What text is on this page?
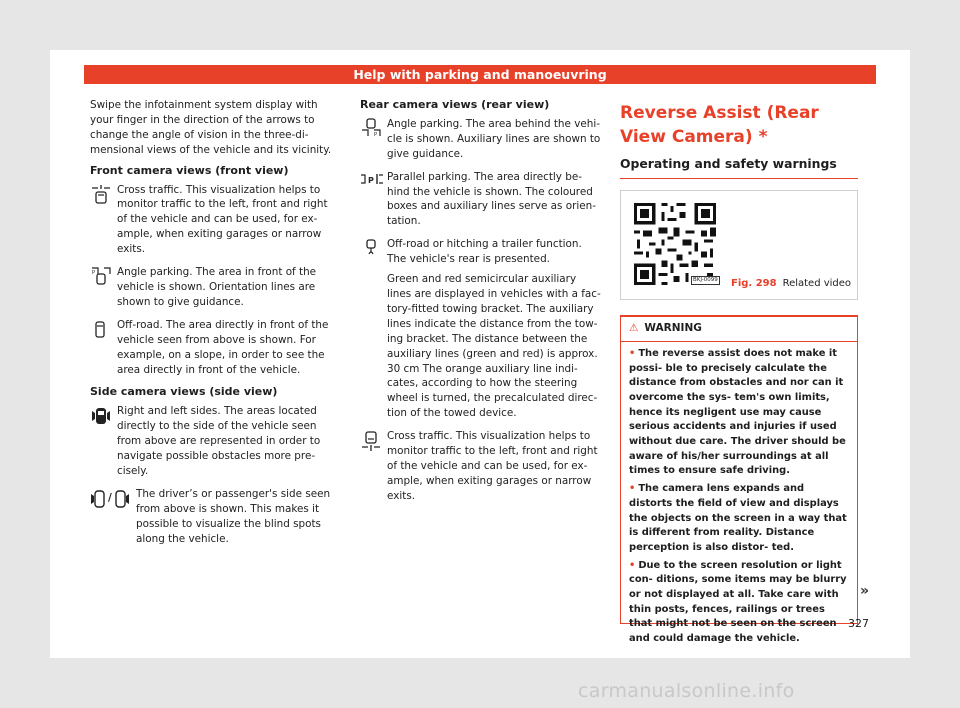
Help with parking and manoeuvring

Swipe the infotainment system display with your finger in the direction of the arrows to change the angle of vision in the three-di- mensional views of the vehicle and its vicinity.

Front camera views (front view)
Cross traffic. This visualization helps to monitor traffic to the left, front and right of the vehicle and can be used, for ex- ample, when exiting garages or narrow exits.
P Angle parking. The area in front of the vehicle is shown. Orientation lines are shown to give guidance.
Off-road. The area directly in front of the vehicle seen from above is shown. For example, on a slope, in order to see the area directly in front of the vehicle.
Side camera views (side view)
Right and left sides. The areas located directly to the side of the vehicle seen from above are represented in order to navigate possible obstacles more pre- cisely.
/ The driver’s or passenger's side seen from above is shown. This makes it possible to visualize the blind spots along the vehicle.
Rear camera views (rear view)
P
Angle parking. The area behind the vehi- cle is shown. Auxiliary lines are shown to give guidance.
P Parallel parking. The area directly be- hind the vehicle is shown. The coloured boxes and auxiliary lines serve as orien- tation.

Off-road or hitching a trailer function. The vehicle's rear is presented.

Green and red semicircular auxiliary lines are displayed in vehicles with a fac- tory-fitted towing bracket. The auxiliary lines indicate the distance from the tow- ing bracket. The distance between the auxiliary lines (green and red) is approx. 30 cm The orange auxiliary line indi- cates, according to how the steering wheel is turned, the precalculated direc- tion of the towed device.

Cross traffic. This visualization helps to monitor traffic to the left, front and right of the vehicle and can be used, for ex- ample, when exiting garages or narrow exits.
Reverse Assist (Rear View Camera) *
Operating and safety warnings
BKJ-0099 Fig. 298 Related video
⚠ WARNING

• The reverse assist does not make it possi- ble to precisely calculate the distance from obstacles and nor can it overcome the sys- tem's own limits, hence its negligent use may cause serious accidents and injuries if used without due care. The driver should be aware of his/her surroundings at all times to ensure safe driving.

• The camera lens expands and distorts the field of view and displays the objects on the screen in a way that is different from reality. Distance perception is also distor- ted.

• Due to the screen resolution or light con- ditions, some items may be blurry or not displayed at all. Take care with thin posts, fences, railings or trees that might not be seen on the screen and could damage the vehicle.

»
327
carmanualsonline.info
